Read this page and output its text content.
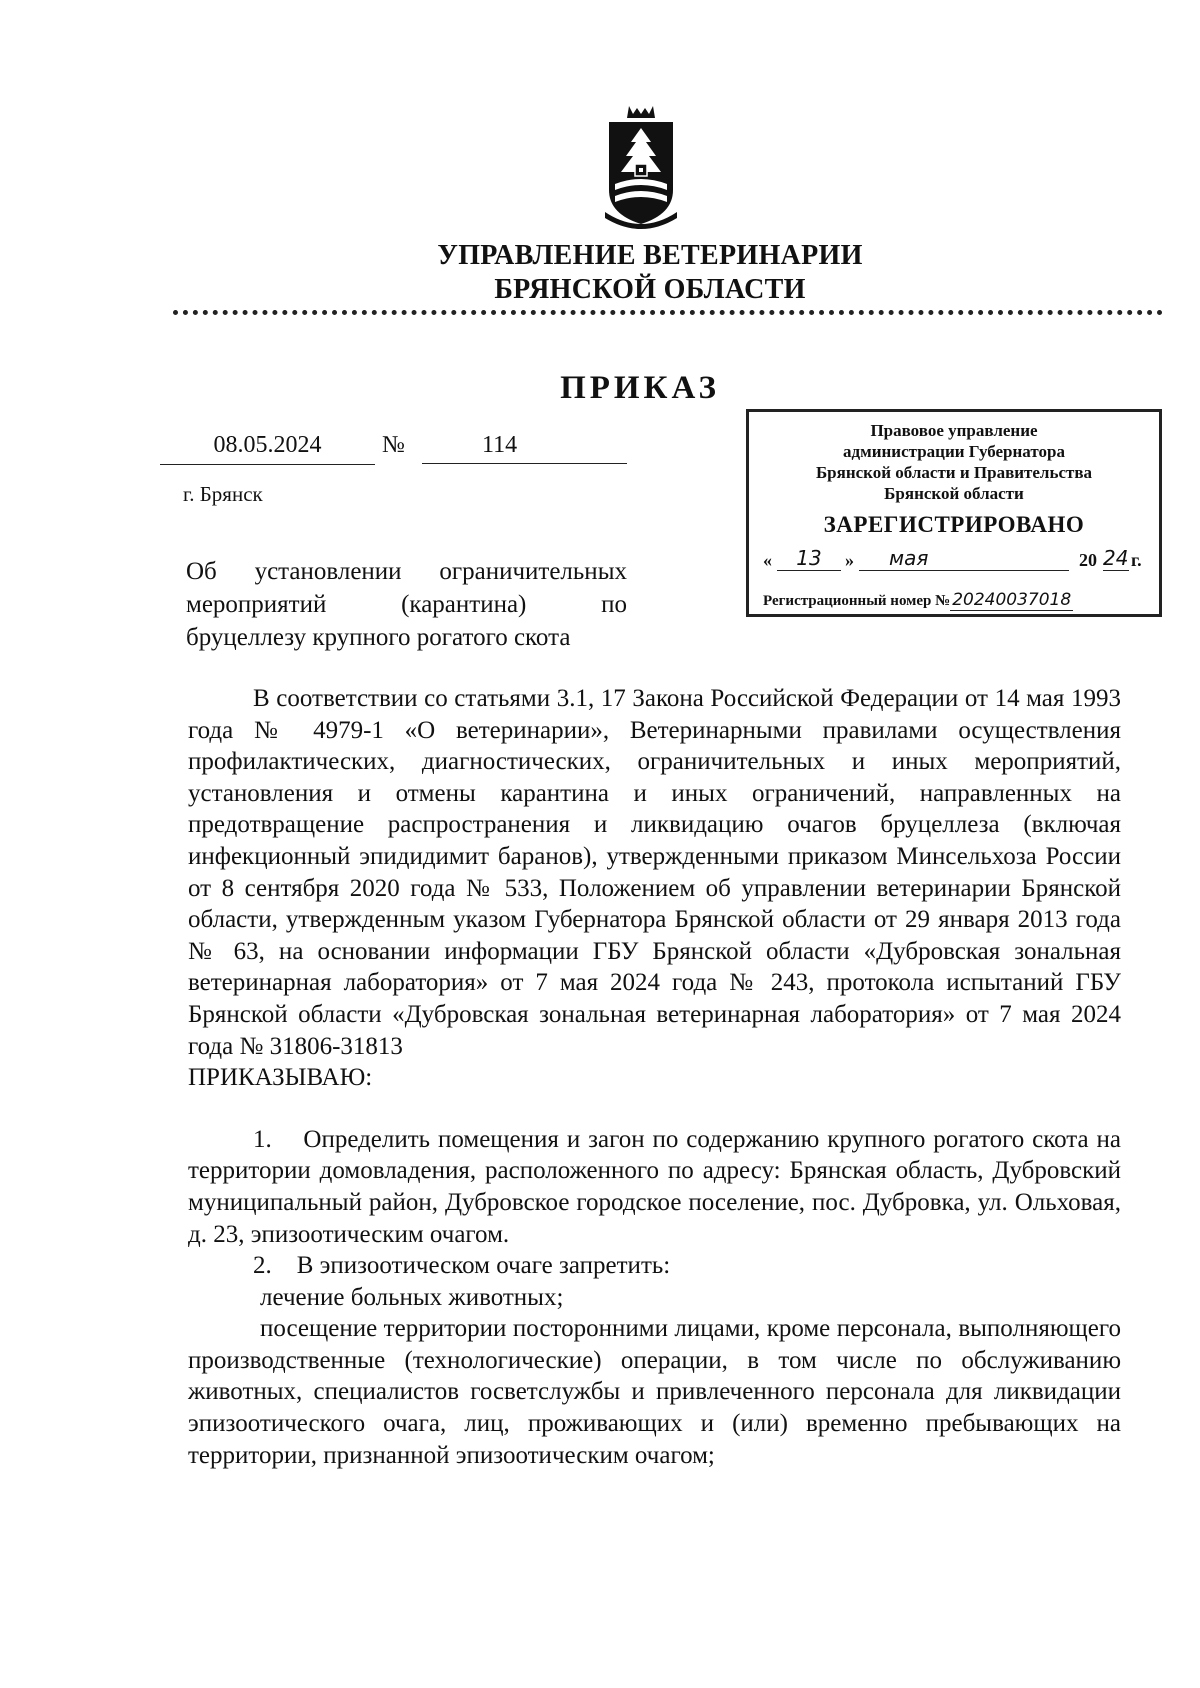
УПРАВЛЕНИЕ ВЕТЕРИНАРИИ
БРЯНСКОЙ ОБЛАСТИ
ПРИКАЗ
08.05.2024	№	114
г. Брянск
Об установлении ограничительных
мероприятий (карантина) по
бруцеллезу крупного рогатого скота
Правовое управление
администрации Губернатора
Брянской области и Правительства
Брянской области
ЗАРЕГИСТРИРОВАНО
«	13	»	мая	20 24 г.
Регистрационный номер № 20240037018

В соответствии со статьями 3.1, 17 Закона Российской Федерации от 14 мая 1993 года № 4979-1 «О ветеринарии», Ветеринарными правилами осуществления профилактических, диагностических, ограничительных и иных мероприятий, установления и отмены карантина и иных ограничений, направленных на предотвращение распространения и ликвидацию очагов бруцеллеза (включая инфекционный эпидидимит баранов), утвержденными приказом Минсельхоза России от 8 сентября 2020 года № 533, Положением об управлении ветеринарии Брянской области, утвержденным указом Губернатора Брянской области от 29 января 2013 года № 63, на основании информации ГБУ Брянской области «Дубровская зональная ветеринарная лаборатория» от 7 мая 2024 года № 243, протокола испытаний ГБУ Брянской области «Дубровская зональная ветеринарная лаборатория» от 7 мая 2024 года № 31806-31813

ПРИКАЗЫВАЮ:

1.    Определить помещения и загон по содержанию крупного рогатого скота на территории домовладения, расположенного по адресу: Брянская область, Дубровский муниципальный район, Дубровское городское поселение, пос. Дубровка, ул. Ольховая, д. 23, эпизоотическим очагом.

2.    В эпизоотическом очаге запретить:

лечение больных животных;

посещение территории посторонними лицами, кроме персонала, выполняющего производственные (технологические) операции, в том числе по обслуживанию животных, специалистов госветслужбы и привлеченного персонала для ликвидации эпизоотического очага, лиц, проживающих и (или) временно пребывающих на территории, признанной эпизоотическим очагом;
